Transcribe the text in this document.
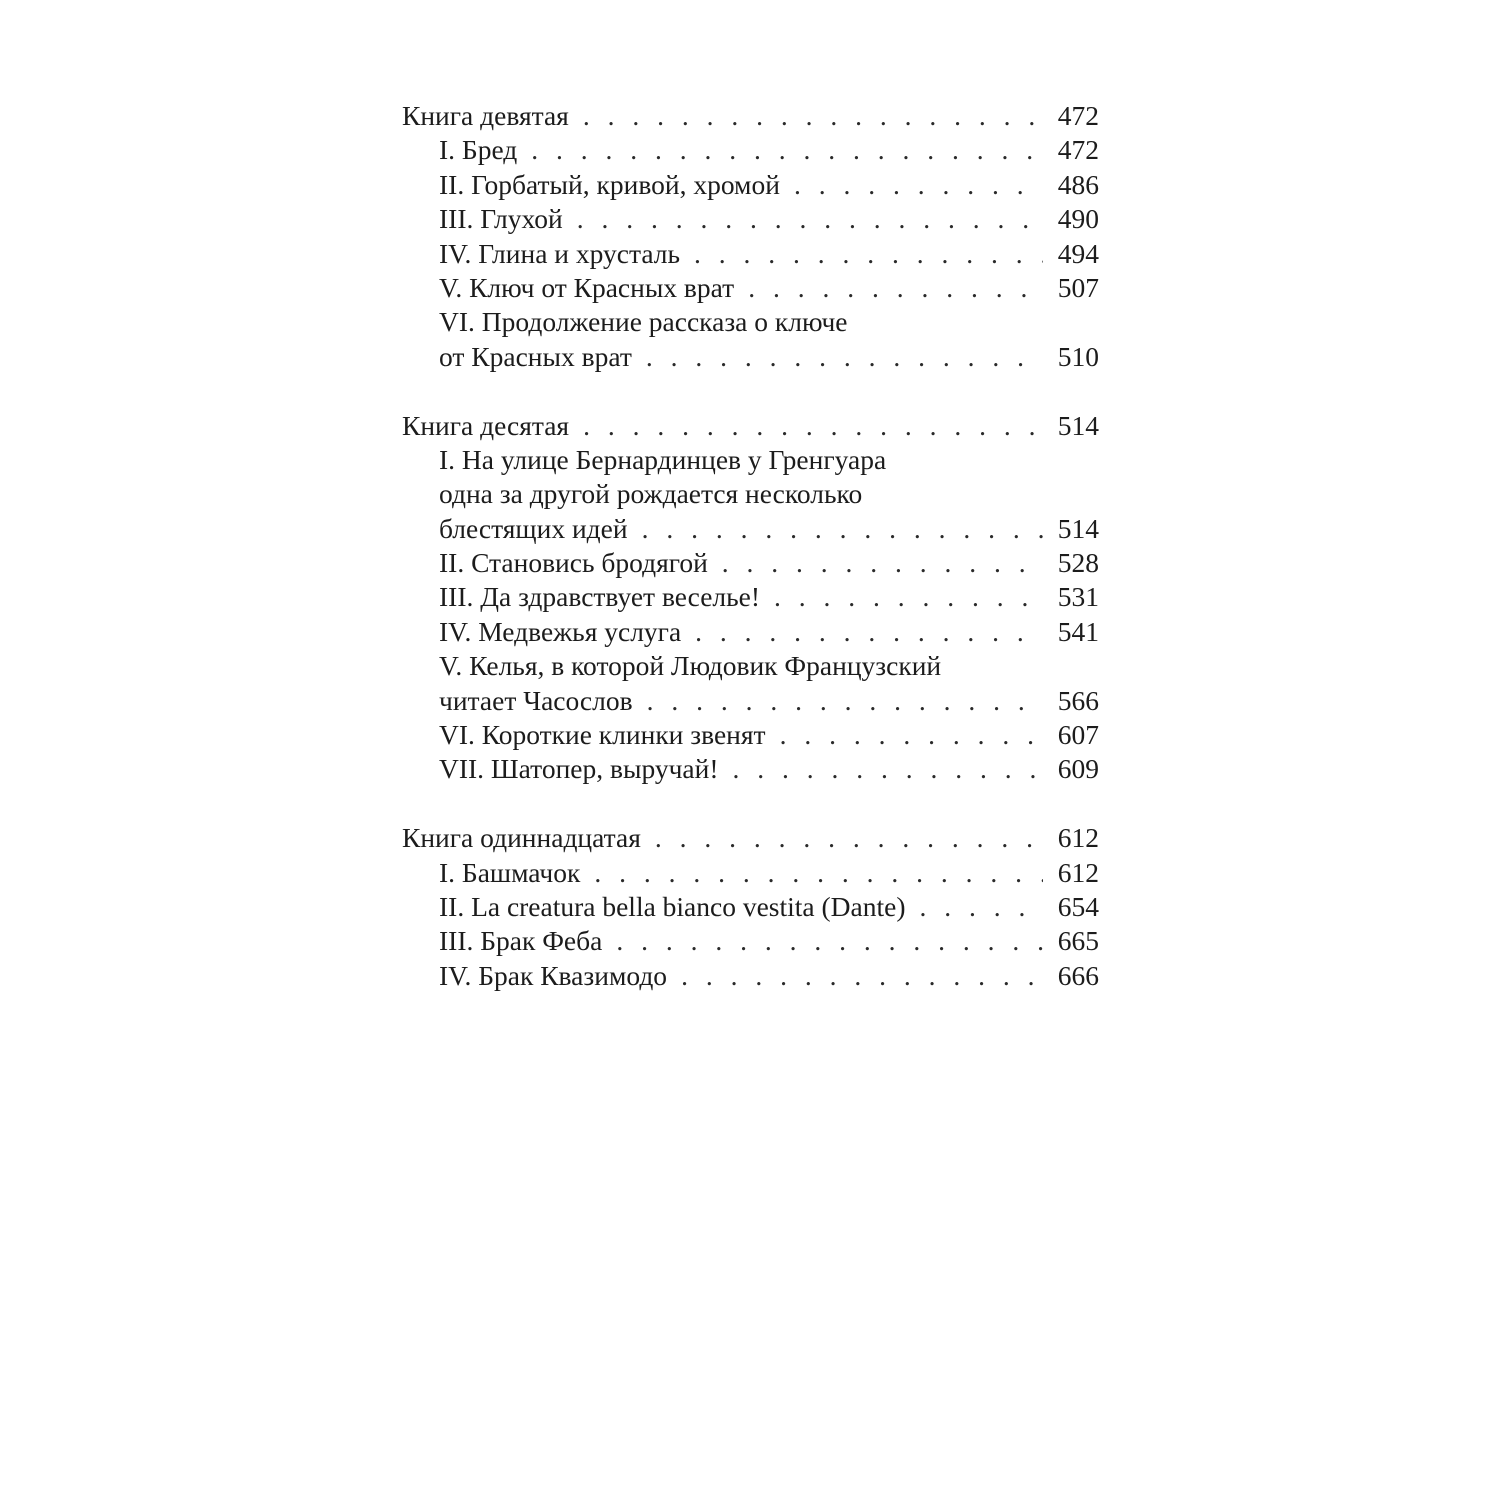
Книга девятая . . .	472
I. Бред . . .	472
II. Горбатый, кривой, хромой . . .	486
III. Глухой . . .	490
IV. Глина и хрусталь . . .	494
V. Ключ от Красных врат . . .	507
VI. Продолжение рассказа о ключе
от Красных врат . . .	510
Книга десятая . . .	514
I. На улице Бернардинцев у Гренгуара
одна за другой рождается несколько
блестящих идей . . .	514
II. Становись бродягой . . .	528
III. Да здравствует веселье! . . .	531
IV. Медвежья услуга . . .	541
V. Келья, в которой Людовик Французский
читает Часослов . . .	566
VI. Короткие клинки звенят . . .	607
VII. Шатопер, выручай! . . .	609
Книга одиннадцатая . . .	612
I. Башмачок . . .	612
II. La creatura bella bianco vestita (Dante) . . .	654
III. Брак Феба . . .	665
IV. Брак Квазимодо . . .	666
